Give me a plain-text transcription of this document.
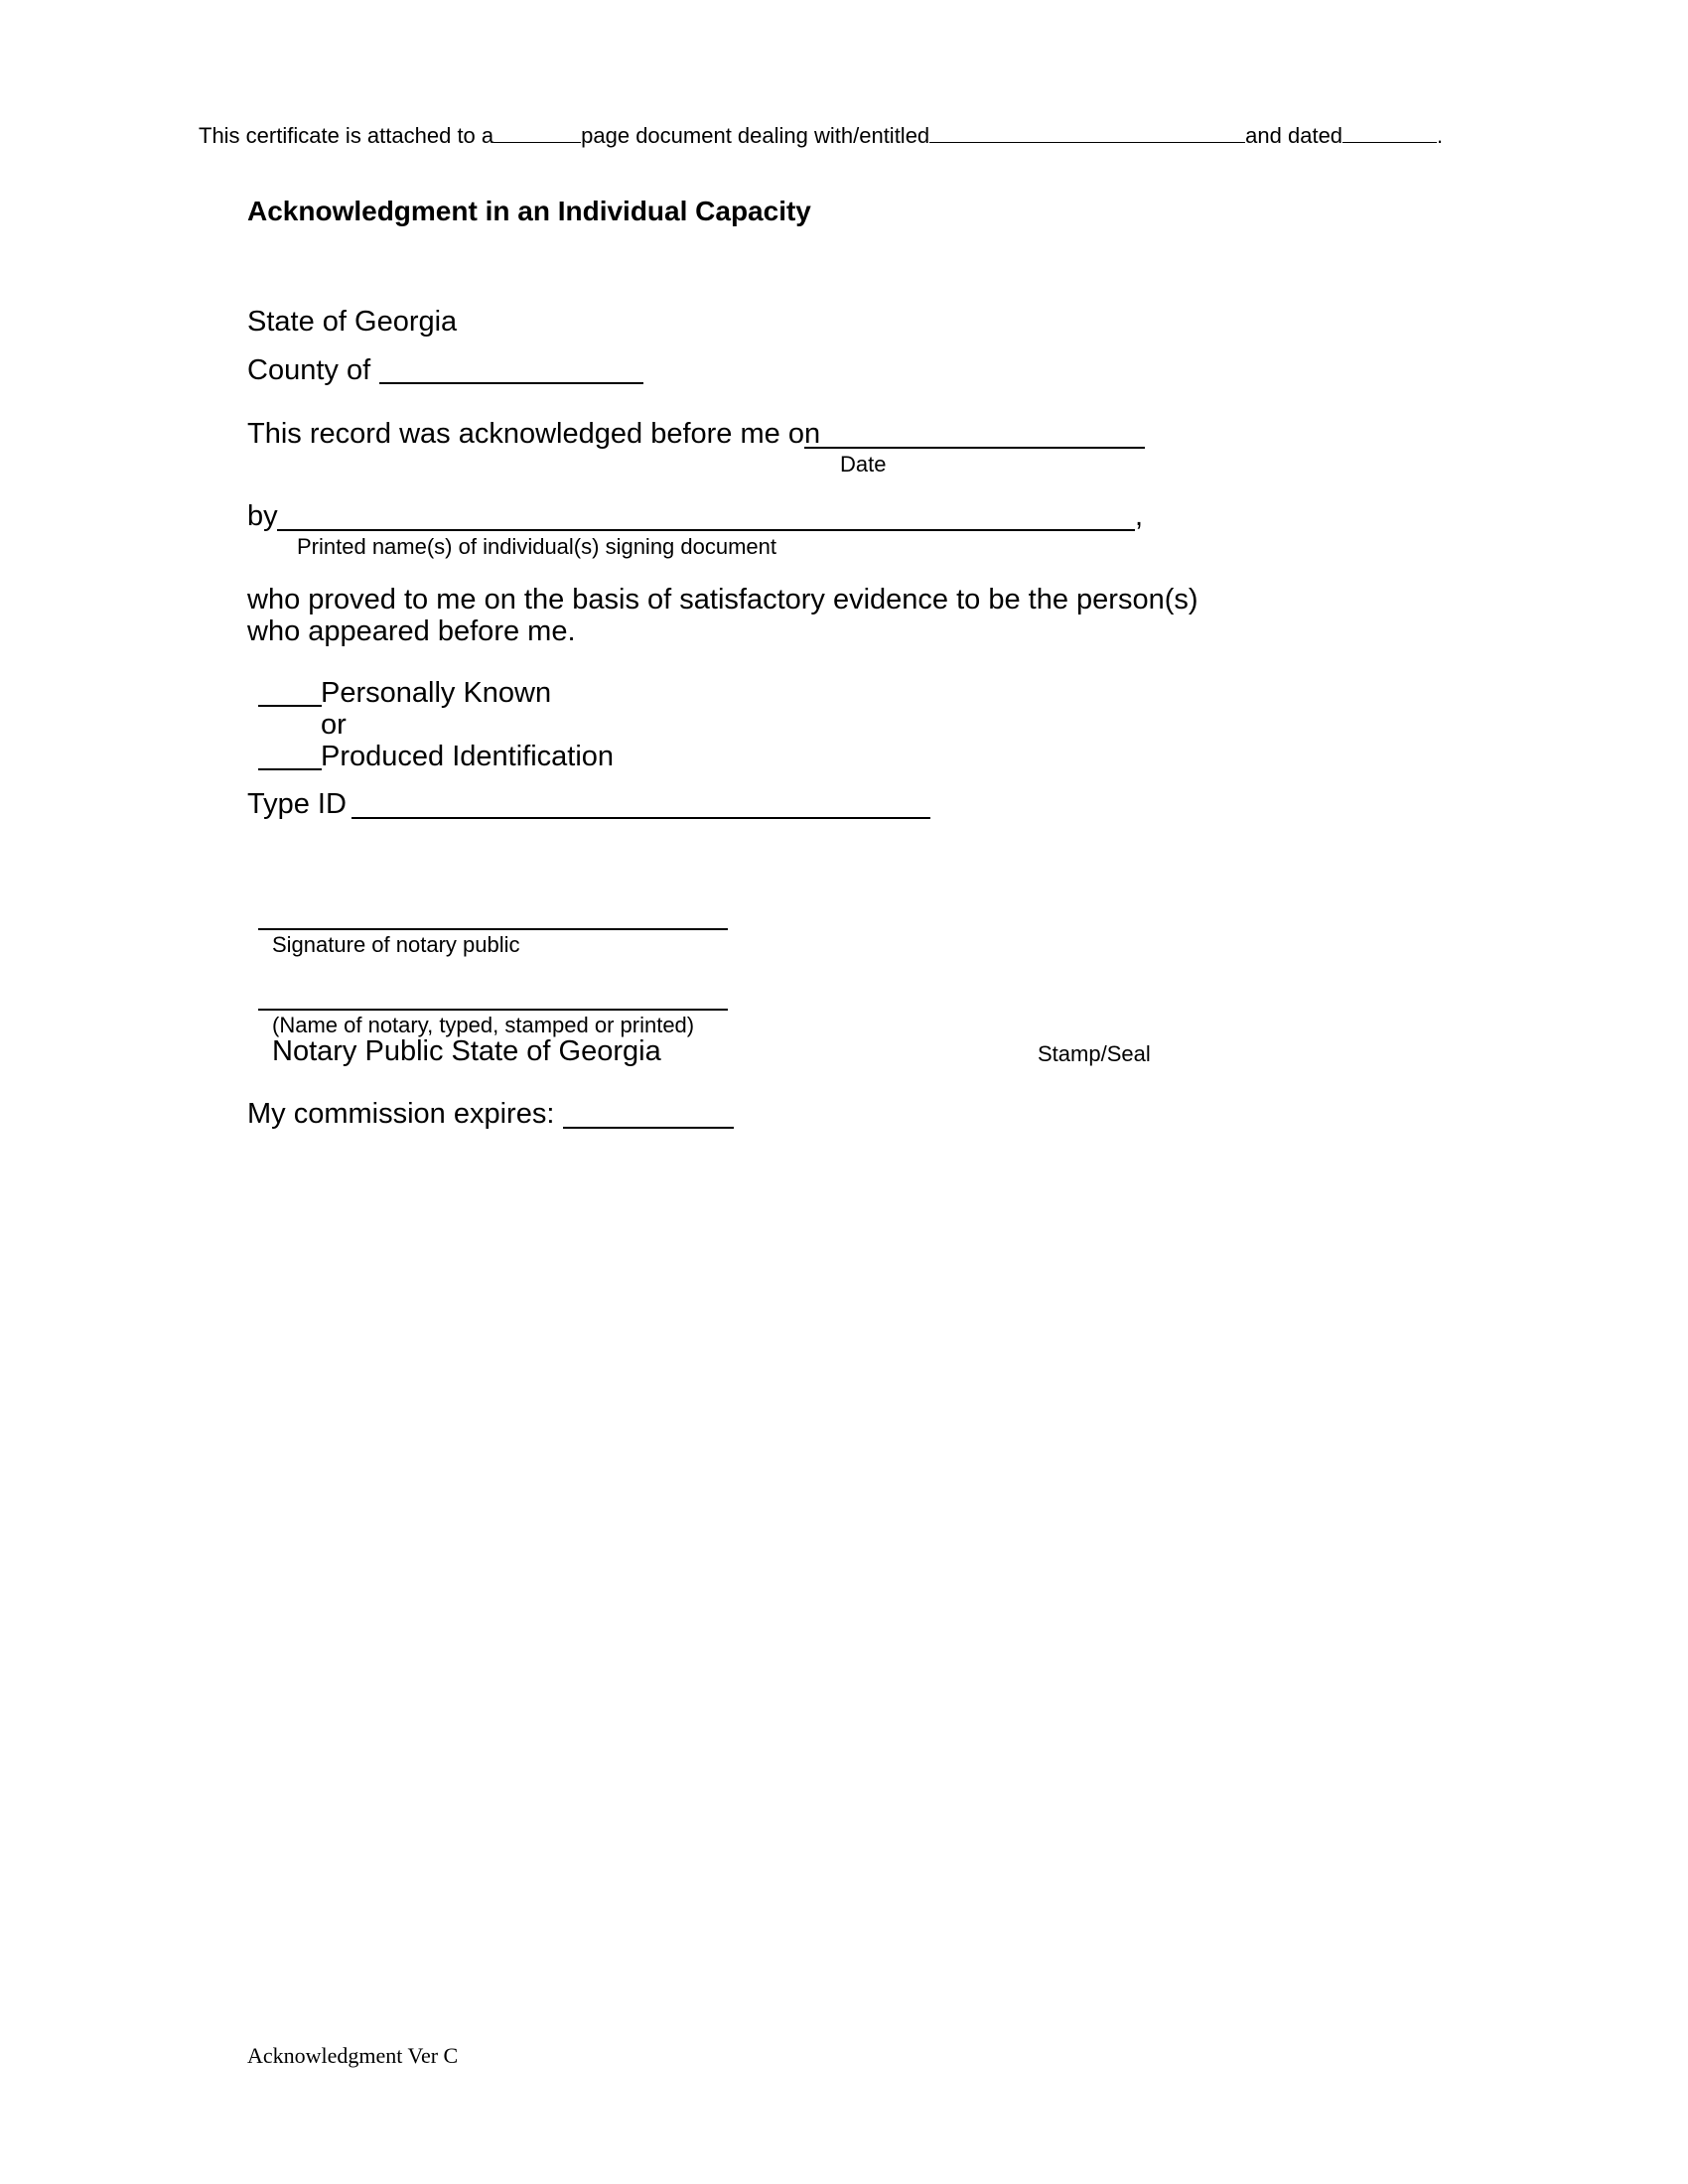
This certificate is attached to a	page document dealing with/entitled	and dated	.
Acknowledgment in an Individual Capacity
State of Georgia
County of
This record was acknowledged before me on
Date
by	,
Printed name(s) of individual(s) signing document
who proved to me on the basis of satisfactory evidence to be the person(s)
who appeared before me.
Personally Known
or
Produced Identification
Type ID
Signature of notary public
(Name of notary, typed, stamped or printed)
Notary Public State of Georgia	Stamp/Seal
My commission expires:
Acknowledgment Ver C
